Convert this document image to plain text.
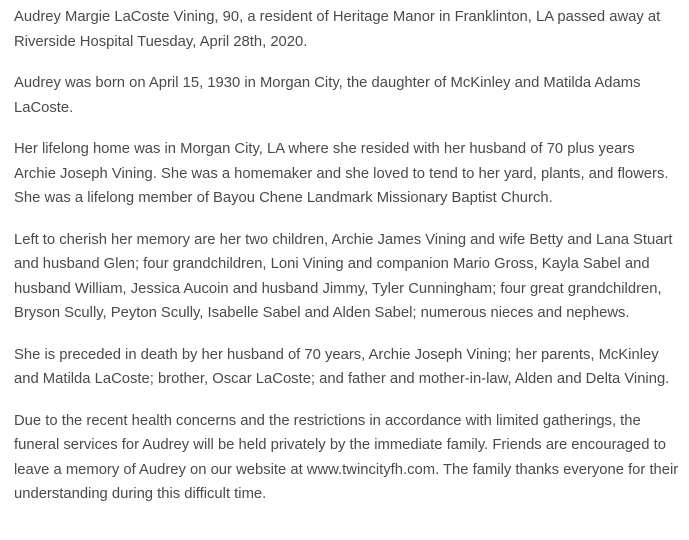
Audrey Margie LaCoste Vining, 90, a resident of Heritage Manor in Franklinton, LA passed away at Riverside Hospital Tuesday, April 28th, 2020.

Audrey was born on April 15, 1930 in Morgan City, the daughter of McKinley and Matilda Adams LaCoste.

Her lifelong home was in Morgan City, LA where she resided with her husband of 70 plus years Archie Joseph Vining. She was a homemaker and she loved to tend to her yard, plants, and flowers. She was a lifelong member of Bayou Chene Landmark Missionary Baptist Church.

Left to cherish her memory are her two children, Archie James Vining and wife Betty and Lana Stuart and husband Glen; four grandchildren, Loni Vining and companion Mario Gross, Kayla Sabel and husband William, Jessica Aucoin and husband Jimmy, Tyler Cunningham; four great grandchildren, Bryson Scully, Peyton Scully, Isabelle Sabel and Alden Sabel; numerous nieces and nephews.

She is preceded in death by her husband of 70 years, Archie Joseph Vining; her parents, McKinley and Matilda LaCoste; brother, Oscar LaCoste; and father and mother-in-law, Alden and Delta Vining.

Due to the recent health concerns and the restrictions in accordance with limited gatherings, the funeral services for Audrey will be held privately by the immediate family. Friends are encouraged to leave a memory of Audrey on our website at www.twincityfh.com. The family thanks everyone for their understanding during this difficult time.
